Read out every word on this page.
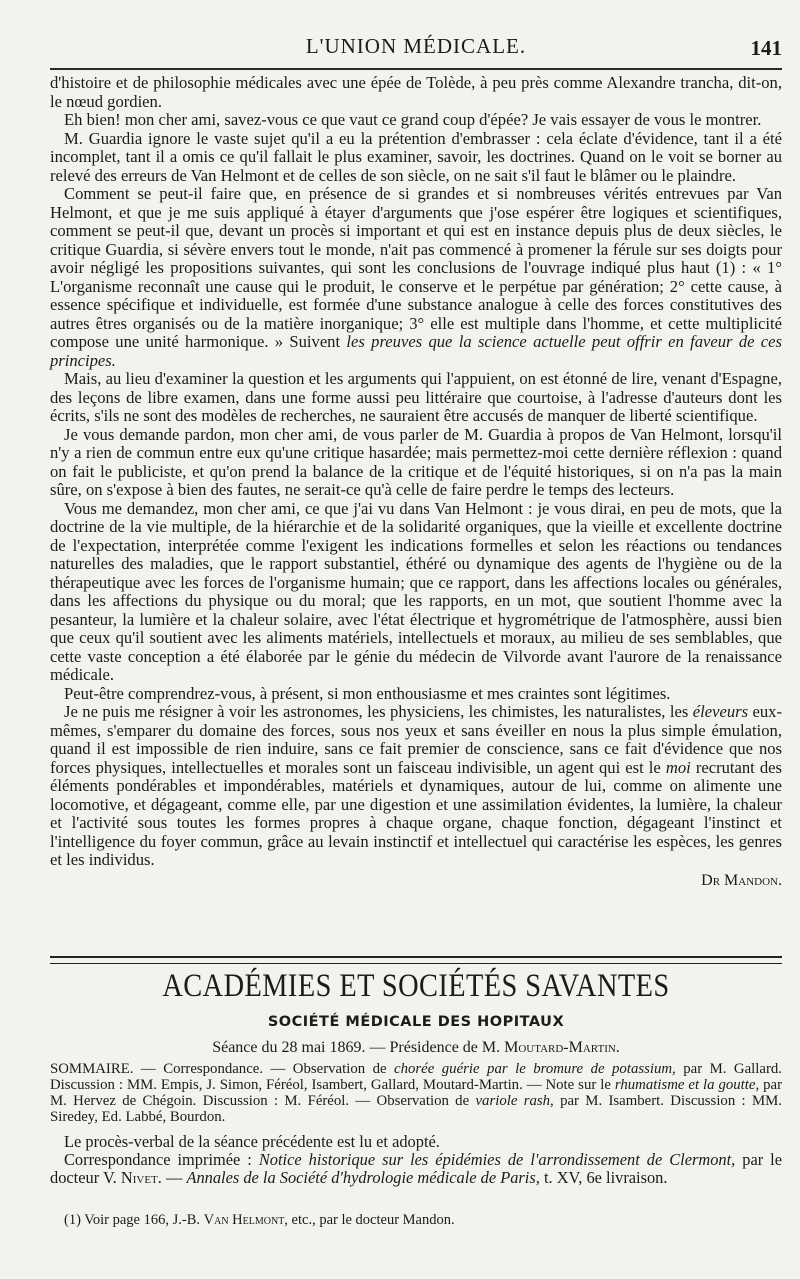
L'UNION MÉDICALE.	141

d'histoire et de philosophie médicales avec une épée de Tolède, à peu près comme Alexandre trancha, dit-on, le nœud gordien.

Eh bien! mon cher ami, savez-vous ce que vaut ce grand coup d'épée? Je vais essayer de vous le montrer.

M. Guardia ignore le vaste sujet qu'il a eu la prétention d'embrasser : cela éclate d'évidence, tant il a été incomplet, tant il a omis ce qu'il fallait le plus examiner, savoir, les doctrines. Quand on le voit se borner au relevé des erreurs de Van Helmont et de celles de son siècle, on ne sait s'il faut le blâmer ou le plaindre.

Comment se peut-il faire que, en présence de si grandes et si nombreuses vérités entrevues par Van Helmont, et que je me suis appliqué à étayer d'arguments que j'ose espérer être logiques et scientifiques, comment se peut-il que, devant un procès si important et qui est en instance depuis plus de deux siècles, le critique Guardia, si sévère envers tout le monde, n'ait pas commencé à promener la férule sur ses doigts pour avoir négligé les propositions suivantes, qui sont les conclusions de l'ouvrage indiqué plus haut (1) : « 1° L'organisme reconnaît une cause qui le produit, le conserve et le perpétue par génération; 2° cette cause, à essence spécifique et individuelle, est formée d'une substance analogue à celle des forces constitutives des autres êtres organisés ou de la matière inorganique; 3° elle est multiple dans l'homme, et cette multiplicité compose une unité harmonique. » Suivent les preuves que la science actuelle peut offrir en faveur de ces principes.

Mais, au lieu d'examiner la question et les arguments qui l'appuient, on est étonné de lire, venant d'Espagne, des leçons de libre examen, dans une forme aussi peu littéraire que courtoise, à l'adresse d'auteurs dont les écrits, s'ils ne sont des modèles de recherches, ne sauraient être accusés de manquer de liberté scientifique.

Je vous demande pardon, mon cher ami, de vous parler de M. Guardia à propos de Van Helmont, lorsqu'il n'y a rien de commun entre eux qu'une critique hasardée; mais permettez-moi cette dernière réflexion : quand on fait le publiciste, et qu'on prend la balance de la critique et de l'équité historiques, si on n'a pas la main sûre, on s'expose à bien des fautes, ne serait-ce qu'à celle de faire perdre le temps des lecteurs.

Vous me demandez, mon cher ami, ce que j'ai vu dans Van Helmont : je vous dirai, en peu de mots, que la doctrine de la vie multiple, de la hiérarchie et de la solidarité organiques, que la vieille et excellente doctrine de l'expectation, interprétée comme l'exigent les indications formelles et selon les réactions ou tendances naturelles des maladies, que le rapport substantiel, éthéré ou dynamique des agents de l'hygiène ou de la thérapeutique avec les forces de l'organisme humain; que ce rapport, dans les affections locales ou générales, dans les affections du physique ou du moral; que les rapports, en un mot, que soutient l'homme avec la pesanteur, la lumière et la chaleur solaire, avec l'état électrique et hygrométrique de l'atmosphère, aussi bien que ceux qu'il soutient avec les aliments matériels, intellectuels et moraux, au milieu de ses semblables, que cette vaste conception a été élaborée par le génie du médecin de Vilvorde avant l'aurore de la renaissance médicale.

Peut-être comprendrez-vous, à présent, si mon enthousiasme et mes craintes sont légitimes.

Je ne puis me résigner à voir les astronomes, les physiciens, les chimistes, les naturalistes, les éleveurs eux-mêmes, s'emparer du domaine des forces, sous nos yeux et sans éveiller en nous la plus simple émulation, quand il est impossible de rien induire, sans ce fait premier de conscience, sans ce fait d'évidence que nos forces physiques, intellectuelles et morales sont un faisceau indivisible, un agent qui est le moi recrutant des éléments pondérables et impondérables, matériels et dynamiques, autour de lui, comme on alimente une locomotive, et dégageant, comme elle, par une digestion et une assimilation évidentes, la lumière, la chaleur et l'activité sous toutes les formes propres à chaque organe, chaque fonction, dégageant l'instinct et l'intelligence du foyer commun, grâce au levain instinctif et intellectuel qui caractérise les espèces, les genres et les individus.

Dr Mandon.
ACADÉMIES ET SOCIÉTÉS SAVANTES
SOCIÉTÉ MÉDICALE DES HOPITAUX
Séance du 28 mai 1869. — Présidence de M. Moutard-Martin.
SOMMAIRE. — Correspondance. — Observation de chorée guérie par le bromure de potassium, par M. Gallard. Discussion : MM. Empis, J. Simon, Féréol, Isambert, Gallard, Moutard-Martin. — Note sur le rhumatisme et la goutte, par M. Hervez de Chégoin. Discussion : M. Féréol. — Observation de variole rash, par M. Isambert. Discussion : MM. Siredey, Ed. Labbé, Bourdon.

Le procès-verbal de la séance précédente est lu et adopté.

Correspondance imprimée : Notice historique sur les épidémies de l'arrondissement de Clermont, par le docteur V. Nivet. — Annales de la Société d'hydrologie médicale de Paris, t. XV, 6e livraison.

(1) Voir page 166, J.-B. Van Helmont, etc., par le docteur Mandon.
